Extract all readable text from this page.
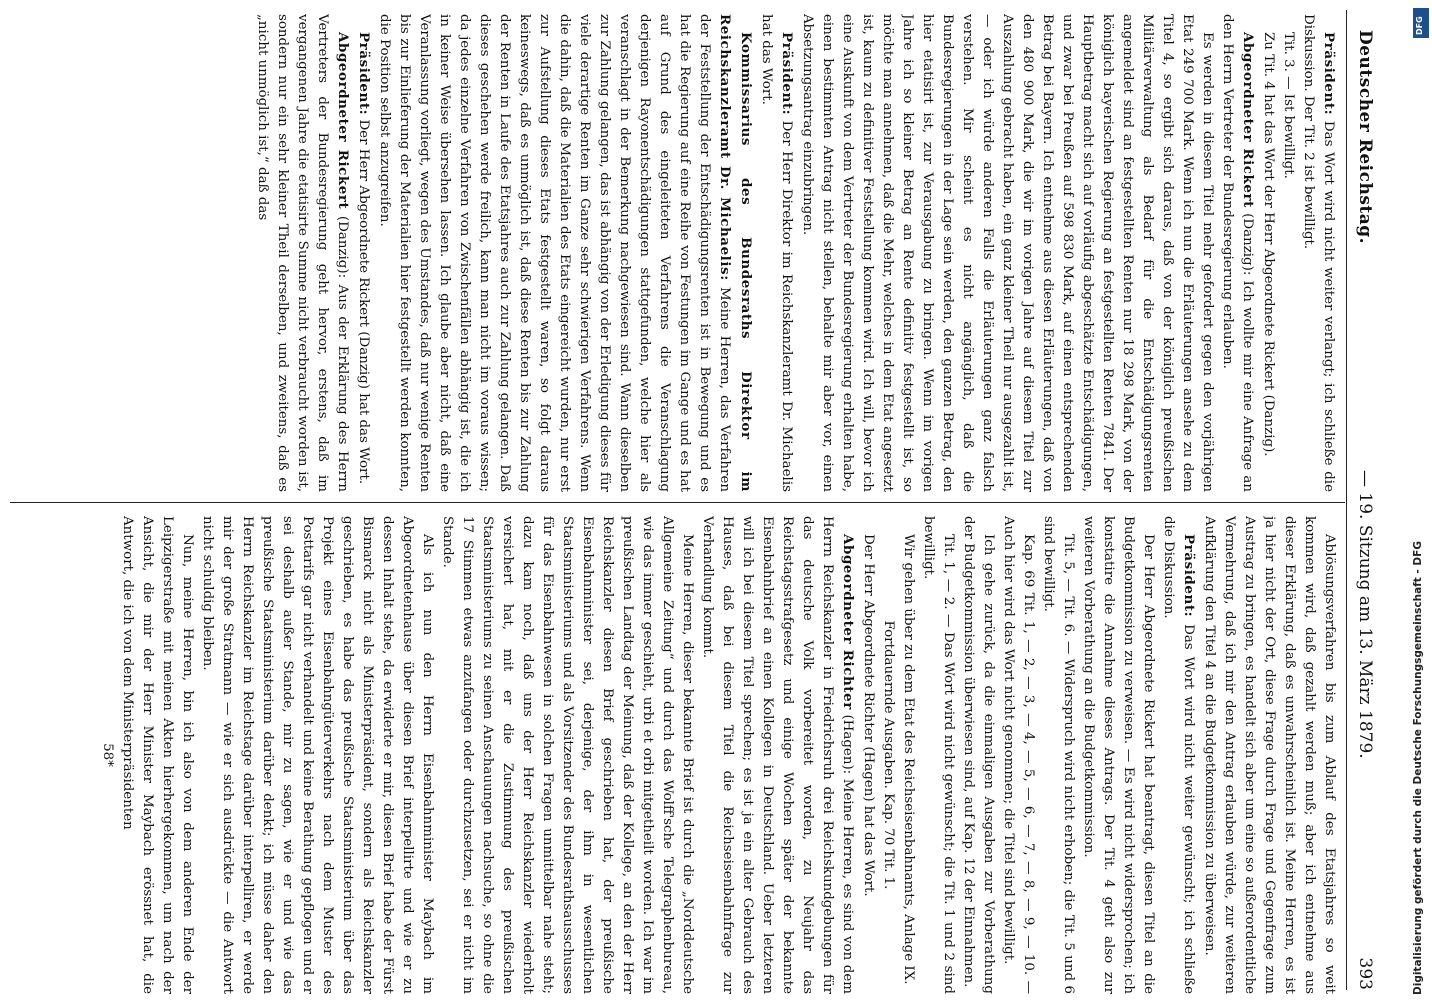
Deutscher Reichstag.
— 19. Sitzung am 13. März 1879.
393

Präsident: Das Wort wird nicht weiter verlangt; ich schließe die Diskussion. Der Tit. 2 ist bewilligt.

Tit. 3. — Ist bewilligt.

Zu Tit. 4 hat das Wort der Herr Abgeordnete Rickert (Danzig).

Abgeordneter Rickert (Danzig): Ich wollte mir eine Anfrage an den Herrn Vertreter der Bundesregierung erlauben.

Es werden in diesem Titel mehr gefordert gegen den vorjährigen Etat 249 700 Mark. Wenn ich nun die Erläuterungen ansehe zu dem Titel 4, so ergibt sich daraus, daß von der königlich preußischen Militärverwaltung als Bedarf für die Entschädigungsrenten angemeldet sind an festgestellten Renten nur 18 298 Mark, von der königlich bayerischen Regierung an festgestellten Renten 7841. Der Hauptbetrag macht sich auf vorläufig abgeschätzte Entschädigungen, und zwar bei Preußen auf 598 830 Mark, auf einen entsprechenden Betrag bei Bayern. Ich entnehme aus diesen Erläuterungen, daß von den 480 900 Mark, die wir im vorigen Jahre auf diesem Titel zur Auszahlung gebracht haben, ein ganz kleiner Theil nur ausgezahlt ist, — oder ich würde anderen Falls die Erläuterungen ganz falsch verstehen. Mir scheint es nicht angänglich, daß die Bundesregierungen in der Lage sein werden, den ganzen Betrag, den hier etatisirt ist, zur Verausgabung zu bringen. Wenn im vorigen Jahre ich so kleiner Betrag an Rente definitiv festgestellt ist, so möchte man annehmen, daß die Mehr, welches in dem Etat angesetzt ist, kaum zu definitiver Feststellung kommen wird. Ich will, bevor ich eine Auskunft von dem Vertreter der Bundesregierung erhalten habe, einen bestimmten Antrag nicht stellen, behalte mir aber vor, einen Absetzungsantrag einzubringen.

Präsident: Der Herr Direktor im Reichskanzleramt Dr. Michaelis hat das Wort.

Kommissarius des Bundesraths Direktor im Reichskanzleramt Dr. Michaelis: Meine Herren, das Verfahren der Feststellung der Entschädigungsrenten ist in Bewegung und es hat die Regierung auf eine Reihe von Festungen im Gange und es hat auf Grund des eingeleiteten Verfahrens die Veranschlagung derjenigen Rayonentschädigungen stattgefunden, welche hier als veranschlagt in der Bemerkung nachgewiesen sind. Wann dieselben zur Zahlung gelangen, das ist abhängig von der Erledigung dieses für viele derartige Renten im Ganze sehr schwierigen Verfahrens. Wenn die dahin, daß die Materialien des Etats eingereicht wurden, nur erst zur Aufstellung dieses Etats festgestellt waren, so folgt daraus keineswegs, daß es unmöglich ist, daß diese Renten bis zur Zahlung der Renten in Laufe des Etatsjahres auch zur Zahlung gelangen. Daß dieses geschehen werde freilich, kann man nicht im voraus wissen; da jedes einzelne Verfahren von Zwischenfällen abhängig ist, die ich in keiner Weise übersehen lassen. Ich glaube aber nicht, daß eine Veranlassung vorliegt, wegen des Umstandes, daß nur wenige Renten bis zur Einlieferung der Materialien hier festgestellt werden konnten, die Position selbst anzugreifen.

Präsident: Der Herr Abgeordnete Rickert (Danzig) hat das Wort.

Abgeordneter Rickert (Danzig): Aus der Erklärung des Herrn Vertreters der Bundesregierung geht hervor, erstens, daß im vergangenen Jahre die etatisirte Summe nicht verbraucht worden ist, sondern nur ein sehr kleiner Theil derselben, und zweitens, daß es „nicht unmöglich ist,“ daß das

Ablösungsverfahren bis zum Ablauf des Etatsjahres so weit kommen wird, daß gezahlt werden muß; aber ich entnehme aus dieser Erklärung, daß es unwahrscheinlich ist. Meine Herren, es ist ja hier nicht der Ort, diese Frage durch Frage und Gegenfrage zum Austrag zu bringen, es handelt sich aber um eine so außerordentliche Vermehrung, daß ich mir den Antrag erlauben würde, zur weiteren Aufklärung den Titel 4 an die Budgetkommission zu überweisen.

Präsident: Das Wort wird nicht weiter gewünscht; ich schließe die Diskussion.

Der Herr Abgeordnete Rickert hat beantragt, diesen Titel an die Budgetkommission zu verweisen. — Es wird nicht widersprochen; ich konstatire die Annahme dieses Antrags. Der Tit. 4 geht also zur weiteren Vorberathung an die Budgetkommission.

Tit. 5, — Tit. 6. — Widerspruch wird nicht erhoben; die Tit. 5 und 6 sind bewilligt.

Kap. 69 Tit. 1, — 2, — 3, — 4, — 5, — 6, — 7, — 8, — 9, — 10. — Auch hier wird das Wort nicht genommen; die Titel sind bewilligt.

Ich gehe zurück, da die einmaligen Ausgaben zur Vorberathung der Budgetkommission überwiesen sind, auf Kap. 12 der Einnahmen.

Tit. 1, — 2. — Das Wort wird nicht gewünscht; die Tit. 1 und 2 sind bewilligt.

Wir gehen über zu dem Etat des Reichseisenbahnamts, Anlage IX.

Fortdauernde Ausgaben. Kap. 70 Tit. 1.

Der Herr Abgeordnete Richter (Hagen) hat das Wort.

Abgeordneter Richter (Hagen): Meine Herren, es sind von dem Herrn Reichskanzler in Friedrichsruh drei Reichskundgebungen für das deutsche Volk vorbereitet worden, zu Neujahr das Reichstagsstrafgesetz und einige Wochen später der bekannte Eisenbahnbrief an einen Kollegen in Deutschland. Ueber letzteren will ich bei diesem Titel sprechen; es ist ja ein alter Gebrauch des Hauses, daß bei diesem Titel die Reichseisenbahnfrage zur Verhandlung kommt.

Meine Herren, dieser bekannte Brief ist durch die „Norddeutsche Allgemeine Zeitung“ und durch das Wolff'sche Telegraphenbureau, wie das immer geschieht, urbi et orbi mitgetheilt worden. Ich war im preußischen Landtag der Meinung, daß der Kollege, an den der Herr Reichskanzler diesen Brief geschrieben hat, der preußische Eisenbahnminister sei, derjenige, der ihm in wesentlichen Staatsministeriums und als Vorsitzender des Bundesrathsausschusses für das Eisenbahnwesen in solchen Fragen unmittelbar nahe steht; dazu kam noch, daß uns der Herr Reichskanzler wiederholt versichert hat, mit er die Zustimmung des preußischen Staatsministeriums zu seinen Anschauungen nachsuche, so ohne die 17 Stimmen etwas anzufangen oder durchzusetzen, sei er nicht im Stande.

Als ich nun den Herrn Eisenbahnminister Maybach im Abgeordnetenhause über diesen Brief interpellirte und wie er zu dessen Inhalt stehe, da erwiderte er mir, diesen Brief habe der Fürst Bismarck nicht als Ministerpräsident, sondern als Reichskanzler geschrieben, es habe das preußische Staatsministerium über das Projekt eines Eisenbahngüterverkehrs nach dem Muster des Posttarifs gar nicht verhandelt und keine Berathung gepflogen und er sei deshalb außer Stande, mir zu sagen, wie er und wie das preußische Staatsministerium darüber denkt; ich müsse daher den Herrn Reichskanzler im Reichstage darüber interpelliren, er werde mir der große Stratmann — wie er sich ausdrückte — die Antwort nicht schuldig bleiben.

Nun, meine Herren, bin ich also von dem anderen Ende der Leipzigerstraße mit meinen Akten hierhergekommen, um nach der Ansicht, die mir der Herr Minister Maybach erössnet hat, die Antwort, die ich von dem Ministerpräsidenten

58*

DFG
Digitalisierung gefördert durch die Deutsche Forschungsgemeinschaft - DFG
